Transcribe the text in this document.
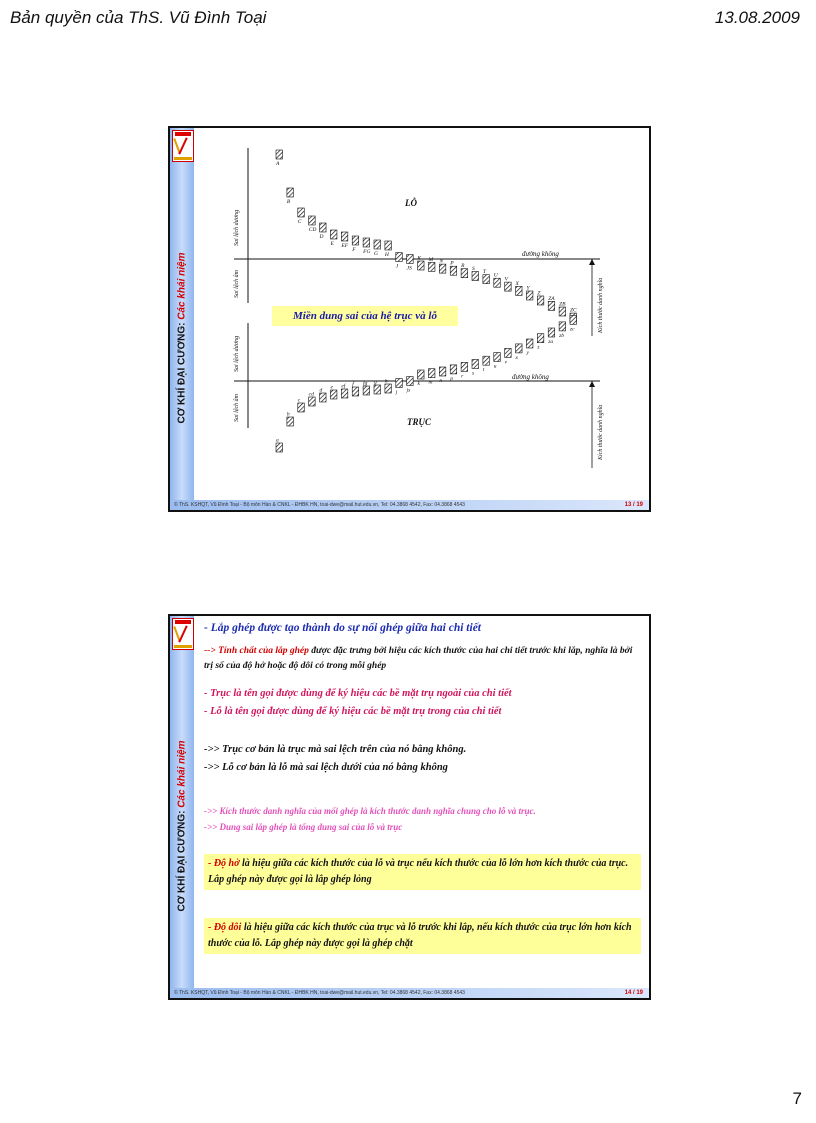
Bản quyền của ThS. Vũ Đình Toại	13.08.2009
CƠ KHÍ ĐẠI CƯƠNG: Các khái niệm
Sai lệch dương
Sai lệch âm
Sai lệch dương
Sai lệch âm
Kích thước danh nghĩa
Kích thước danh nghĩa
đường không
đường không
LỖ
TRỤC
A
B
C
CD
D
E EF
F FG G H
J JS
K M N P R S
T
U
V
X
Y
Z
ZA
ZB
ZC
a
b
c
cd
d e ef f fg g h
j js
k m n p r s
t
u
v
x
y
z
za
zb
zc
Miền dung sai của hệ trục và lỗ
© ThS. KSHQT, Vũ Đình Toại - Bộ môn Hàn & CNKL - ĐHBK HN, toai-dwe@mail.hut.edu.vn, Tel: 04.3868 4542, Fax: 04.3868 4543	13 / 19
CƠ KHÍ ĐẠI CƯƠNG: Các khái niệm

- Lắp ghép được tạo thành do sự nối ghép giữa hai chi tiết

--> Tính chất của lắp ghép được đặc trưng bởi hiệu các kích thước của hai chi tiết trước khi lắp, nghĩa là bởi trị số của độ hở hoặc độ dôi có trong mỗi ghép

- Trục là tên gọi được dùng để ký hiệu các bề mặt trụ ngoài của chi tiết

- Lỗ là tên gọi được dùng để ký hiệu các bề mặt trụ trong của chi tiết

->> Trục cơ bản là trục mà sai lệch trên của nó bằng không.

->> Lỗ cơ bản là lỗ mà sai lệch dưới của nó bằng không

->> Kích thước danh nghĩa của mối ghép là kích thước danh nghĩa chung cho lỗ và trục.

->> Dung sai lắp ghép là tổng dung sai của lỗ và trục

- Độ hở là hiệu giữa các kích thước của lỗ và trục nếu kích thước của lỗ lớn hơn kích thước của trục. Lắp ghép này được gọi là lắp ghép lỏng

- Độ dôi là hiệu giữa các kích thước của trục và lỗ trước khi lắp, nếu kích thước của trục lớn hơn kích thước của lỗ. Lắp ghép này được gọi là ghép chặt

© ThS. KSHQT, Vũ Đình Toại - Bộ môn Hàn & CNKL - ĐHBK HN, toai-dwe@mail.hut.edu.vn, Tel: 04.3868 4542, Fax: 04.3868 4543	14 / 19
7
